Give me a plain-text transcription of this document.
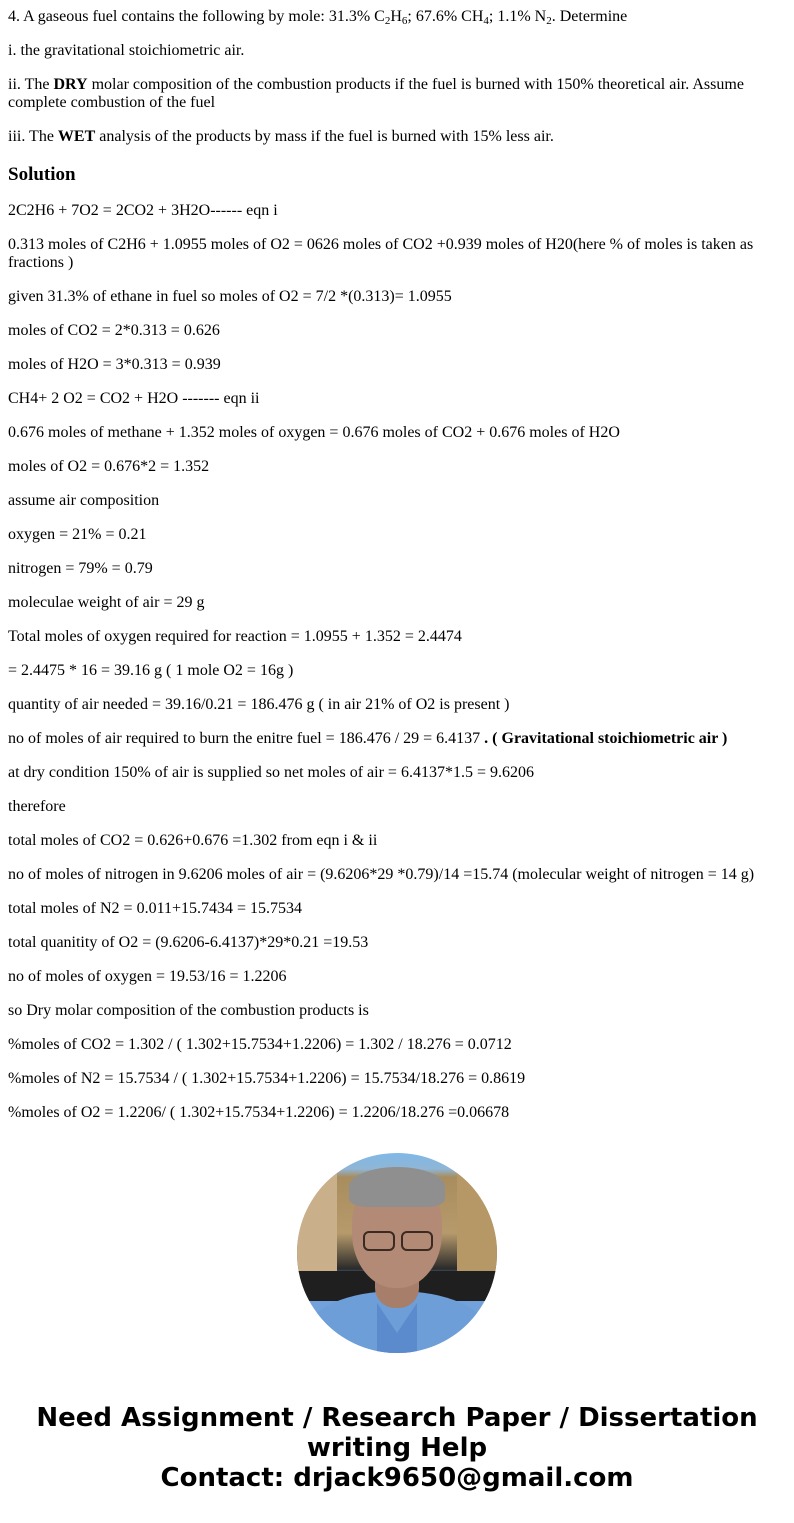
4. A gaseous fuel contains the following by mole: 31.3% $C_2H_6$; 67.6% $CH_4$; 1.1% $N_2$. Determine

i. the gravitational stoichiometric air.

ii. The DRY molar composition of the combustion products if the fuel is burned with 150% theoretical air. Assume complete combustion of the fuel

iii. The WET analysis of the products by mass if the fuel is burned with 15% less air.

Solution

2C2H6 + 7O2 = 2CO2 + 3H2O------ eqn i

0.313 moles of C2H6 + 1.0955 moles of O2 = 0626 moles of CO2 +0.939 moles of H20(here % of moles is taken as fractions )

given 31.3% of ethane in fuel so moles of O2 = 7/2 *(0.313)= 1.0955

moles of CO2 = 2*0.313 = 0.626

moles of H2O = 3*0.313 = 0.939

CH4+ 2 O2 = CO2 + H2O ------- eqn ii

0.676 moles of methane + 1.352 moles of oxygen = 0.676 moles of CO2 + 0.676 moles of H2O

moles of O2 = 0.676*2 = 1.352

assume air composition

oxygen = 21% = 0.21

nitrogen = 79% = 0.79

moleculae weight of air = 29 g

Total moles of oxygen required for reaction = 1.0955 + 1.352 = 2.4474

= 2.4475 * 16 = 39.16 g ( 1 mole O2 = 16g )

quantity of air needed = 39.16/0.21 = 186.476 g ( in air 21% of O2 is present )

no of moles of air required to burn the enitre fuel = 186.476 / 29 = 6.4137 . ( Gravitational stoichiometric air )

at dry condition 150% of air is supplied so net moles of air = 6.4137*1.5 = 9.6206

therefore

total moles of CO2 = 0.626+0.676 =1.302 from eqn i & ii

no of moles of nitrogen in 9.6206 moles of air = (9.6206*29 *0.79)/14 =15.74 (molecular weight of nitrogen = 14 g)

total moles of N2 = 0.011+15.7434 = 15.7534

total quanitity of O2 = (9.6206-6.4137)*29*0.21 =19.53

no of moles of oxygen = 19.53/16 = 1.2206

so Dry molar composition of the combustion products is

%moles of CO2 = 1.302 / ( 1.302+15.7534+1.2206) = 1.302 / 18.276 = 0.0712

%moles of N2 = 15.7534 / ( 1.302+15.7534+1.2206) = 15.7534/18.276 = 0.8619

%moles of O2 = 1.2206/ ( 1.302+15.7534+1.2206) = 1.2206/18.276 =0.06678

Need Assignment / Research Paper / Dissertation
writing Help
Contact: drjack9650@gmail.com
